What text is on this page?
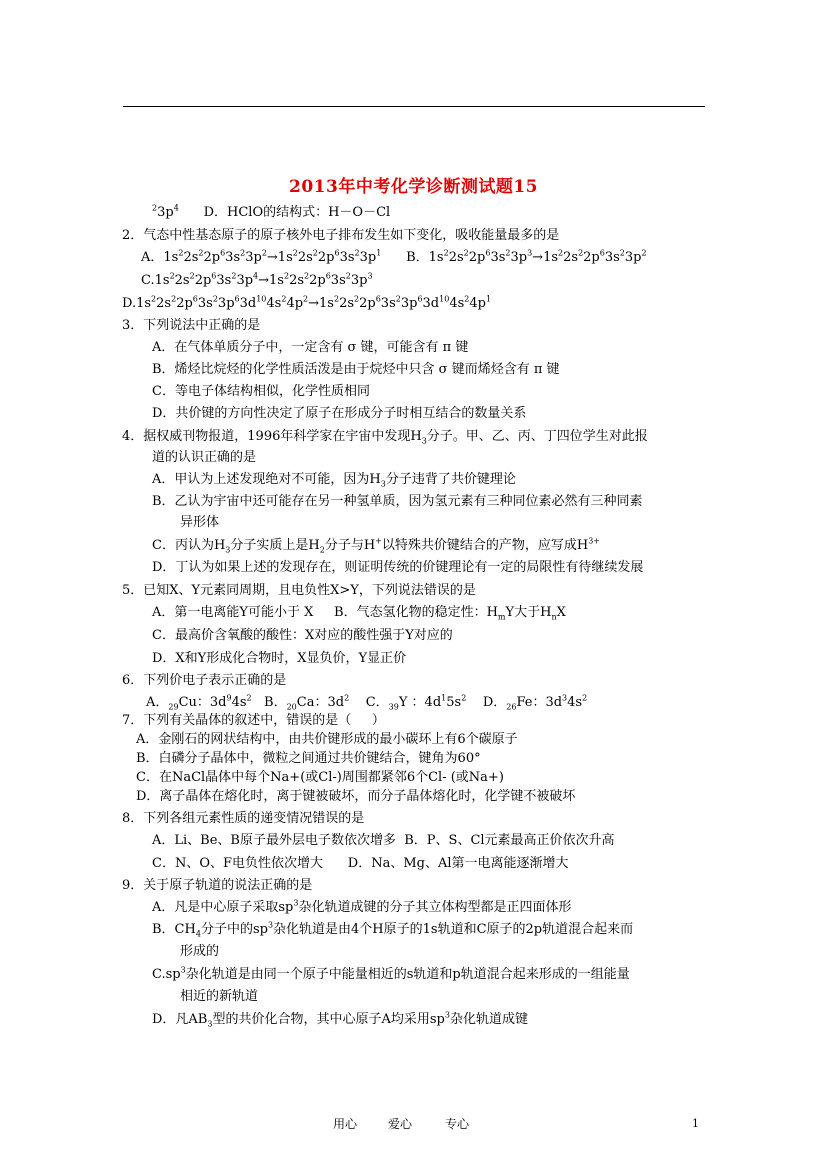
2013年中考化学诊断测试题15
$^23p^4$      D．HClO的结构式：H－O－Cl
2．气态中性基态原子的原子核外电子排布发生如下变化，吸收能量最多的是
A．$1s^22s^22p^63s^23p^2\to 1s^22s^22p^63s^23p^1$      B．$1s^22s^22p^63s^23p^3\to 1s^22s^22p^63s^23p^2$
$C.1s^22s^22p^63s^23p^4\to 1s^22s^22p^63s^23p^3$
$D.1s^22s^22p^63s^23p^63d^{10}4s^24p^2\to 1s^22s^22p^63s^23p^63d^{10}4s^24p^1$
3．下列说法中正确的是
A．在气体单质分子中，一定含有 σ 键，可能含有 π 键
B．烯烃比烷烃的化学性质活泼是由于烷烃中只含 σ 键而烯烃含有 π 键
C．等电子体结构相似，化学性质相同
D．共价键的方向性决定了原子在形成分子时相互结合的数量关系
4．据权威刊物报道，1996年科学家在宇宙中发现$H_3$分子。甲、乙、丙、丁四位学生对此报
道的认识正确的是
A．甲认为上述发现绝对不可能，因为$H_3$分子违背了共价键理论
B．乙认为宇宙中还可能存在另一种氢单质，因为氢元素有三种同位素必然有三种同素
异形体
C．丙认为$H_3$分子实质上是$H_2$分子与H+以特殊共价键结合的产物，应写成$H^{3+}$
D．丁认为如果上述的发现存在，则证明传统的价键理论有一定的局限性有待继续发展
5．已知X、Y元素同周期，且电负性X>Y，下列说法错误的是
A．第一电离能Y可能小于 X     B．气态氢化物的稳定性：$H_mY$大于$H_nX$
C．最高价含氧酸的酸性：X对应的酸性强于Y对应的
D．X和Y形成化合物时，X显负价，Y显正价
6．下列价电子表示正确的是
A．$_{29}$Cu：$3d^94s^2$   B．$_{20}$Ca：$3d^2$    C．$_{39}$Y ：$4d^15s^2$    D．$_{26}$Fe：$3d^34s^2$
7．下列有关晶体的叙述中，错误的是（     ）
A．金刚石的网状结构中，由共价键形成的最小碳环上有6个碳原子
B．白磷分子晶体中，微粒之间通过共价键结合，键角为60°
C．在NaCl晶体中每个Na+(或Cl-)周围都紧邻6个Cl- (或Na+)
D．离子晶体在熔化时，离于键被破坏，而分子晶体熔化时，化学键不被破坏
8．下列各组元素性质的递变情况错误的是
A．Li、Be、B原子最外层电子数依次增多  B．P、S、Cl元素最高正价依次升高
C．N、O、F电负性依次增大      D．Na、Mg、Al第一电离能逐渐增大
9．关于原子轨道的说法正确的是
A．凡是中心原子采取$sp^3$杂化轨道成键的分子其立体构型都是正四面体形
B．$CH_4$分子中的$sp^3$杂化轨道是由4个H原子的1s轨道和C原子的2p轨道混合起来而
形成的
$C.sp^3$杂化轨道是由同一个原子中能量相近的s轨道和p轨道混合起来形成的一组能量
相近的新轨道
D．凡$AB_3$型的共价化合物，其中心原子A均采用$sp^3$杂化轨道成键
用心	爱心	专心	1
